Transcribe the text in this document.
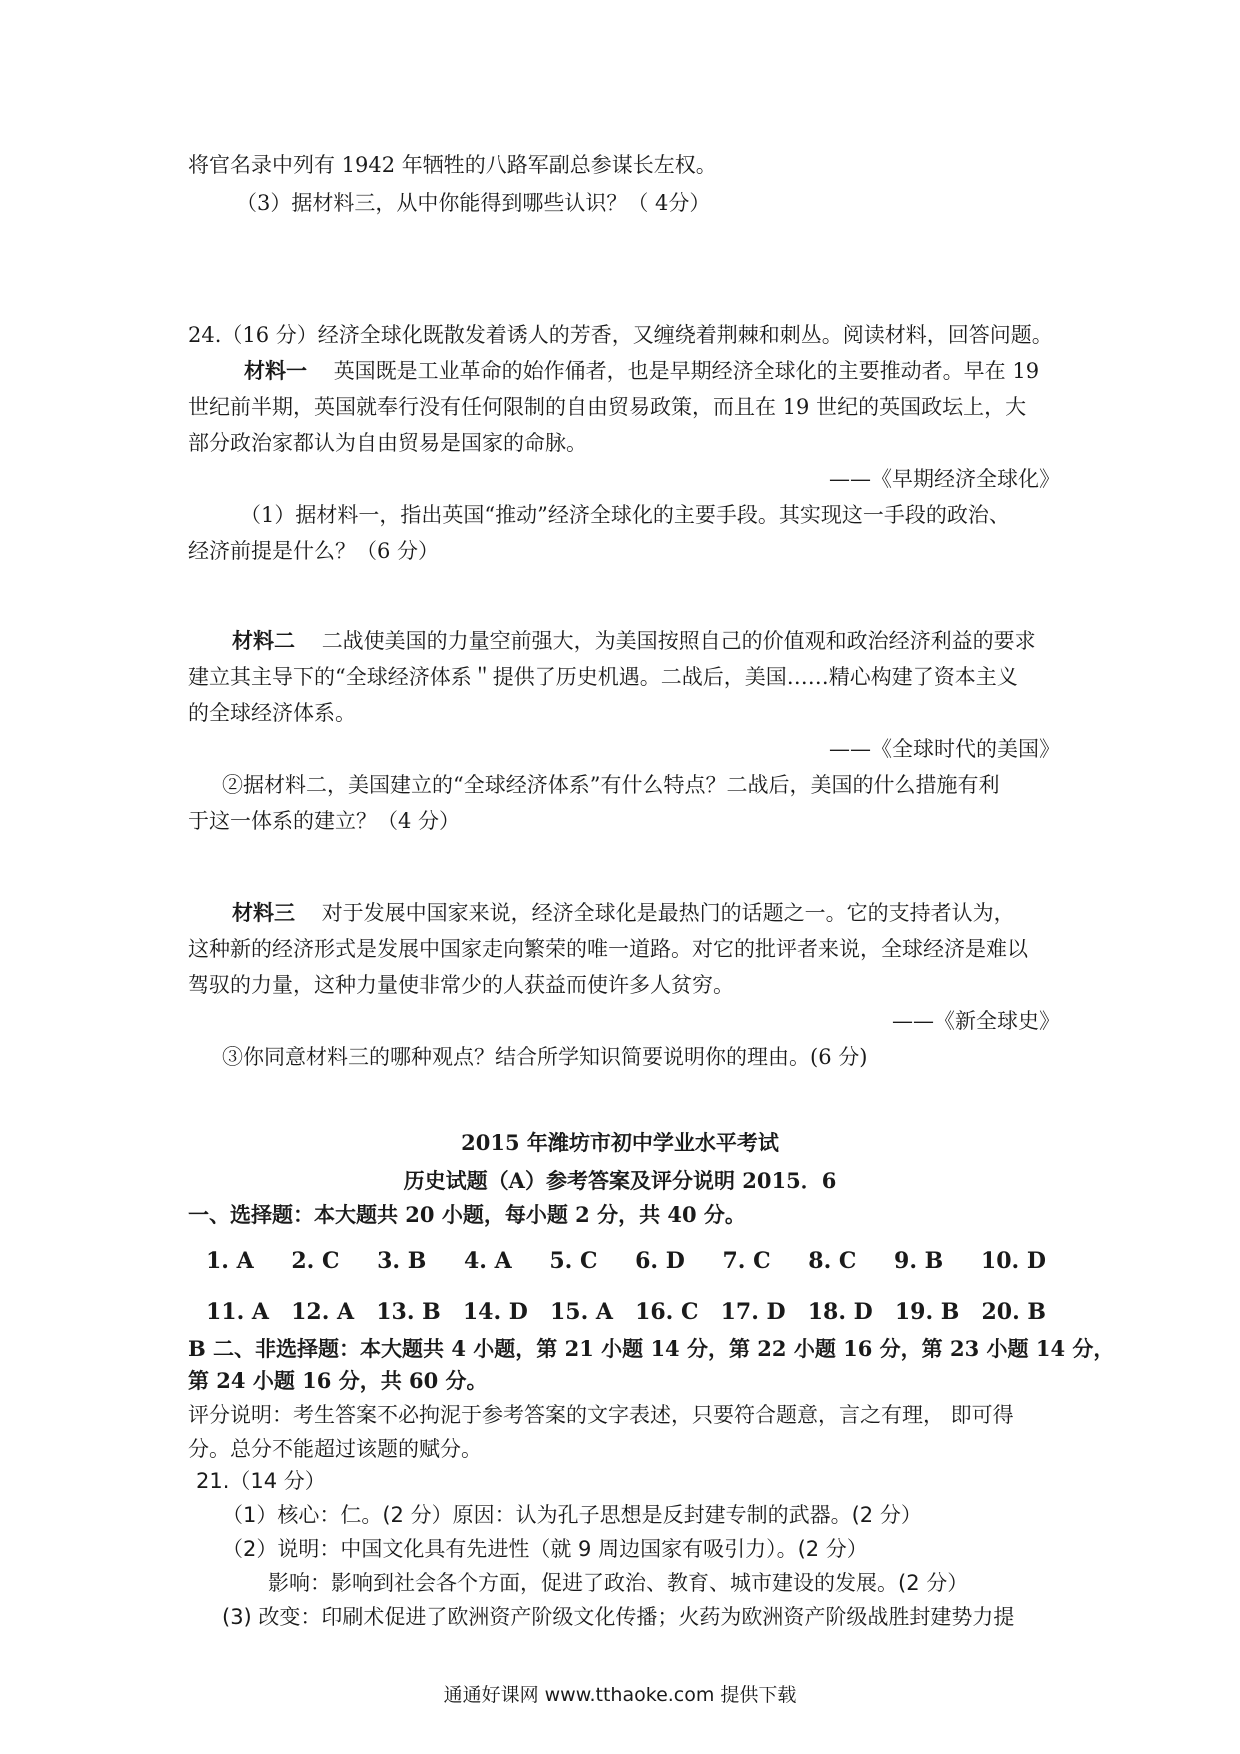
将官名录中列有 1942 年牺牲的八路军副总参谋长左权。
（3）据材料三，从中你能得到哪些认识？（ 4分）
24.（16 分）经济全球化既散发着诱人的芳香，又缠绕着荆棘和刺丛。阅读材料，回答问题。
材料一 英国既是工业革命的始作俑者，也是早期经济全球化的主要推动者。早在 19
世纪前半期，英国就奉行没有任何限制的自由贸易政策，而且在 19 世纪的英国政坛上，大
部分政治家都认为自由贸易是国家的命脉。
——《早期经济全球化》
（1）据材料一，指出英国“推动”经济全球化的主要手段。其实现这一手段的政治、
经济前提是什么？（6 分）
材料二 二战使美国的力量空前强大，为美国按照自己的价值观和政治经济利益的要求
建立其主导下的“全球经济体系＂提供了历史机遇。二战后，美国……精心构建了资本主义
的全球经济体系。
——《全球时代的美国》
②据材料二，美国建立的“全球经济体系”有什么特点？二战后，美国的什么措施有利
于这一体系的建立？（4 分）
材料三 对于发展中国家来说，经济全球化是最热门的话题之一。它的支持者认为，
这种新的经济形式是发展中国家走向繁荣的唯一道路。对它的批评者来说，全球经济是难以
驾驭的力量，这种力量使非常少的人获益而使许多人贫穷。
——《新全球史》
③你同意材料三的哪种观点？结合所学知识简要说明你的理由。(6 分)
2015 年潍坊市初中学业水平考试
历史试题（A）参考答案及评分说明 2015．6
一、选择题：本大题共 20 小题，每小题 2 分，共 40 分。
1. A 2. C 3. B 4. A 5. C 6. D 7. C 8. C 9. B 10. D
11. A 12. A 13. B 14. D 15. A 16. C 17. D 18. D 19. B 20. B
B 二、非选择题：本大题共 4 小题，第 21 小题 14 分，第 22 小题 16 分，第 23 小题 14 分，
第 24 小题 16 分，共 60 分。
评分说明：考生答案不必拘泥于参考答案的文字表述，只要符合题意，言之有理， 即可得
分。总分不能超过该题的赋分。
21.（14 分）
（1）核心：仁。(2 分）原因：认为孔子思想是反封建专制的武器。(2 分）
（2）说明：中国文化具有先进性（就 9 周边国家有吸引力）。(2 分）
影响：影响到社会各个方面，促进了政治、教育、城市建设的发展。(2 分）
(3) 改变：印刷术促进了欧洲资产阶级文化传播；火药为欧洲资产阶级战胜封建势力提
通通好课网 www.tthaoke.com 提供下载
